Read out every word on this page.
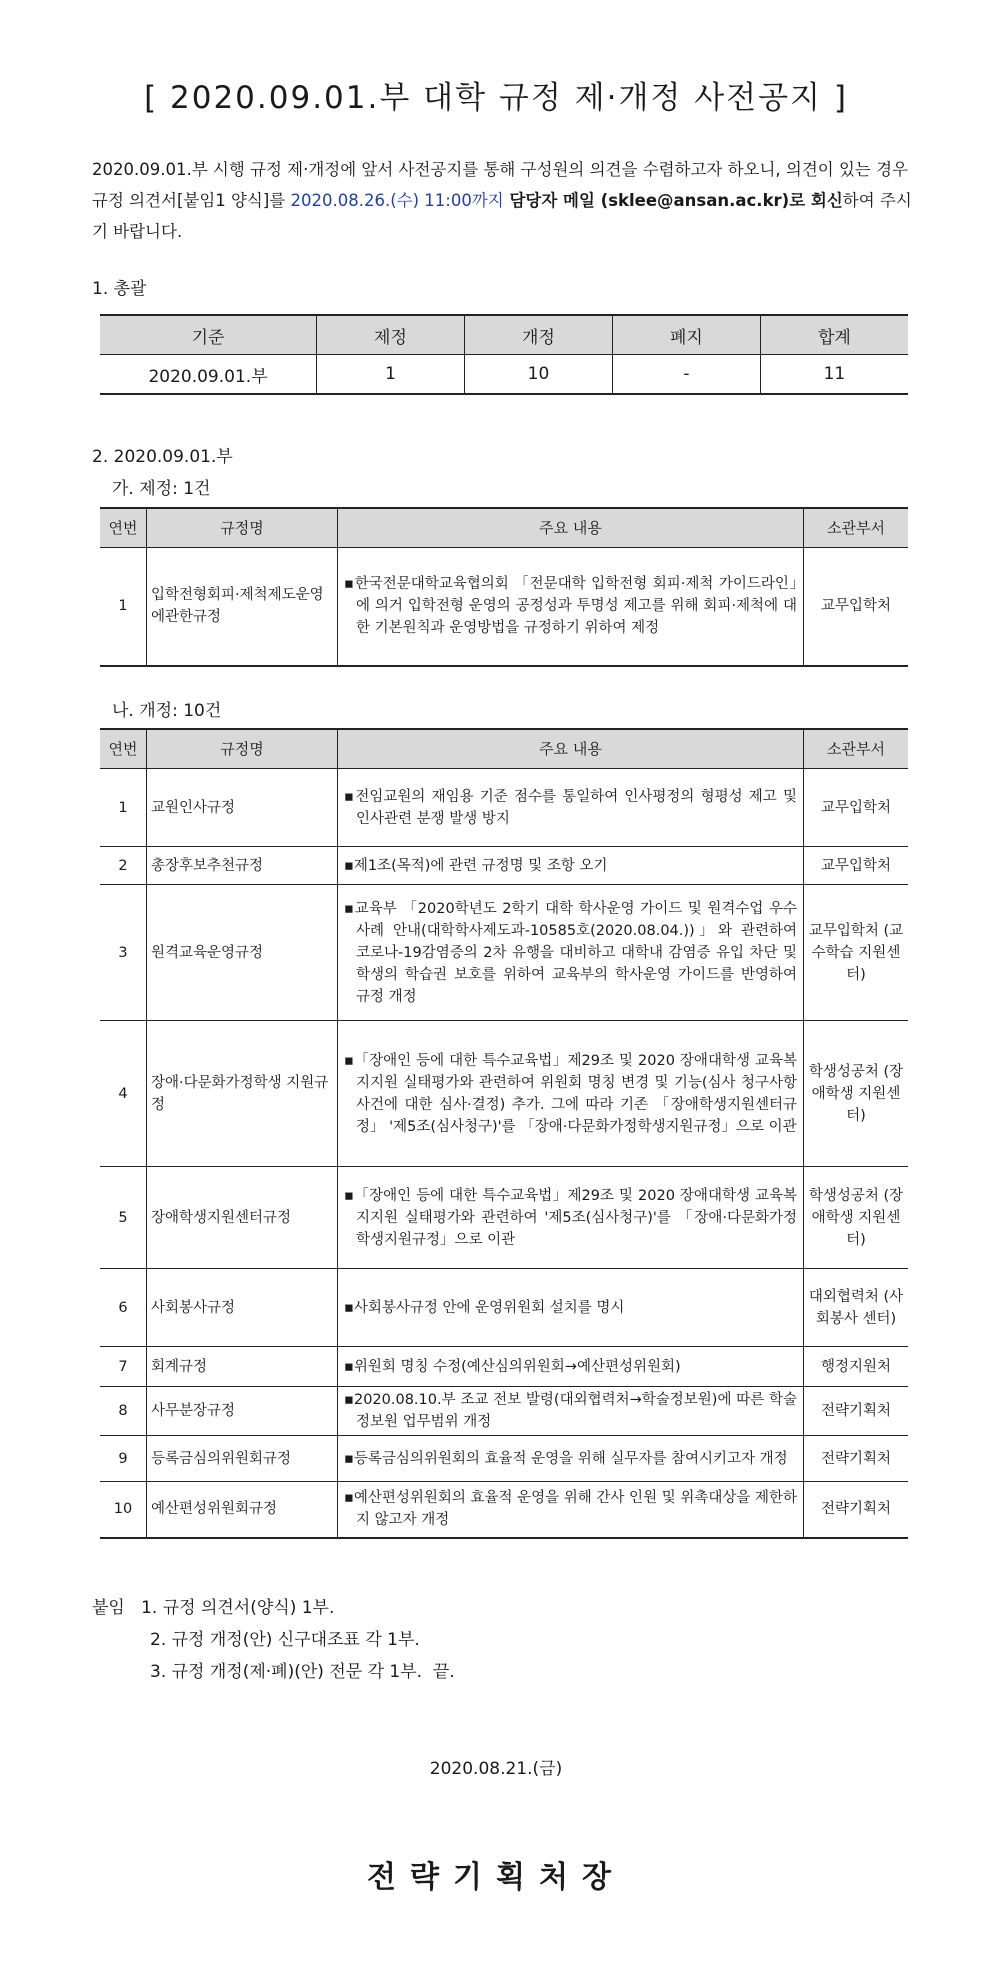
[ 2020.09.01.부 대학 규정 제·개정 사전공지 ]
2020.09.01.부 시행 규정 제·개정에 앞서 사전공지를 통해 구성원의 의견을 수렴하고자 하오니, 의견이 있는 경우 규정 의견서[붙임1 양식]를 2020.08.26.(수) 11:00까지 담당자 메일 (sklee@ansan.ac.kr)로 회신하여 주시기 바랍니다.
1. 총괄
기준	제정	개정	폐지	합계
2020.09.01.부	1	10	-	11
2. 2020.09.01.부
가. 제정: 1건
연번	규정명	주요 내용	소관부서
1	입학전형회피·제척제도운영에관한규정	▪한국전문대학교육협의회 「전문대학 입학전형 회피·제척 가이드라인」에 의거 입학전형 운영의 공정성과 투명성 제고를 위해 회피·제척에 대한 기본원칙과 운영방법을 규정하기 위하여 제정	교무입학처
나. 개정: 10건
연번	규정명	주요 내용	소관부서
1	교원인사규정	▪전임교원의 재임용 기준 점수를 통일하여 인사평정의 형평성 제고 및 인사관련 분쟁 발생 방지	교무입학처
2	총장후보추천규정	▪제1조(목적)에 관련 규정명 및 조항 오기	교무입학처
3	원격교육운영규정	▪교육부 「2020학년도 2학기 대학 학사운영 가이드 및 원격수업 우수사례 안내(대학학사제도과-10585호(2020.08.04.))」와 관련하여 코로나-19감염증의 2차 유행을 대비하고 대학내 감염증 유입 차단 및 학생의 학습권 보호를 위하여 교육부의 학사운영 가이드를 반영하여 규정 개정	교무입학처 (교수학습 지원센터)
4	장애·다문화가정학생 지원규정	▪「장애인 등에 대한 특수교육법」제29조 및 2020 장애대학생 교육복지지원 실태평가와 관련하여 위원회 명칭 변경 및 기능(심사 청구사항 사건에 대한 심사·결정) 추가. 그에 따라 기존 「장애학생지원센터규정」 '제5조(심사청구)'를 「장애·다문화가정학생지원규정」으로 이관	학생성공처 (장애학생 지원센터)
5	장애학생지원센터규정	▪「장애인 등에 대한 특수교육법」제29조 및 2020 장애대학생 교육복지지원 실태평가와 관련하여 '제5조(심사청구)'를 「장애·다문화가정학생지원규정」으로 이관	학생성공처 (장애학생 지원센터)
6	사회봉사규정	▪사회봉사규정 안에 운영위원회 설치를 명시	대외협력처 (사회봉사 센터)
7	회계규정	▪위원회 명칭 수정(예산심의위원회→예산편성위원회)	행정지원처
8	사무분장규정	▪2020.08.10.부 조교 전보 발령(대외협력처→학술정보원)에 따른 학술정보원 업무범위 개정	전략기획처
9	등록금심의위원회규정	▪등록금심의위원회의 효율적 운영을 위해 실무자를 참여시키고자 개정	전략기획처
10	예산편성위원회규정	▪예산편성위원회의 효율적 운영을 위해 간사 인원 및 위촉대상을 제한하지 않고자 개정	전략기획처
붙임 1. 규정 의견서(양식) 1부.
2. 규정 개정(안) 신구대조표 각 1부.
3. 규정 개정(제·폐)(안) 전문 각 1부.  끝.
2020.08.21.(금)
전략기획처장
